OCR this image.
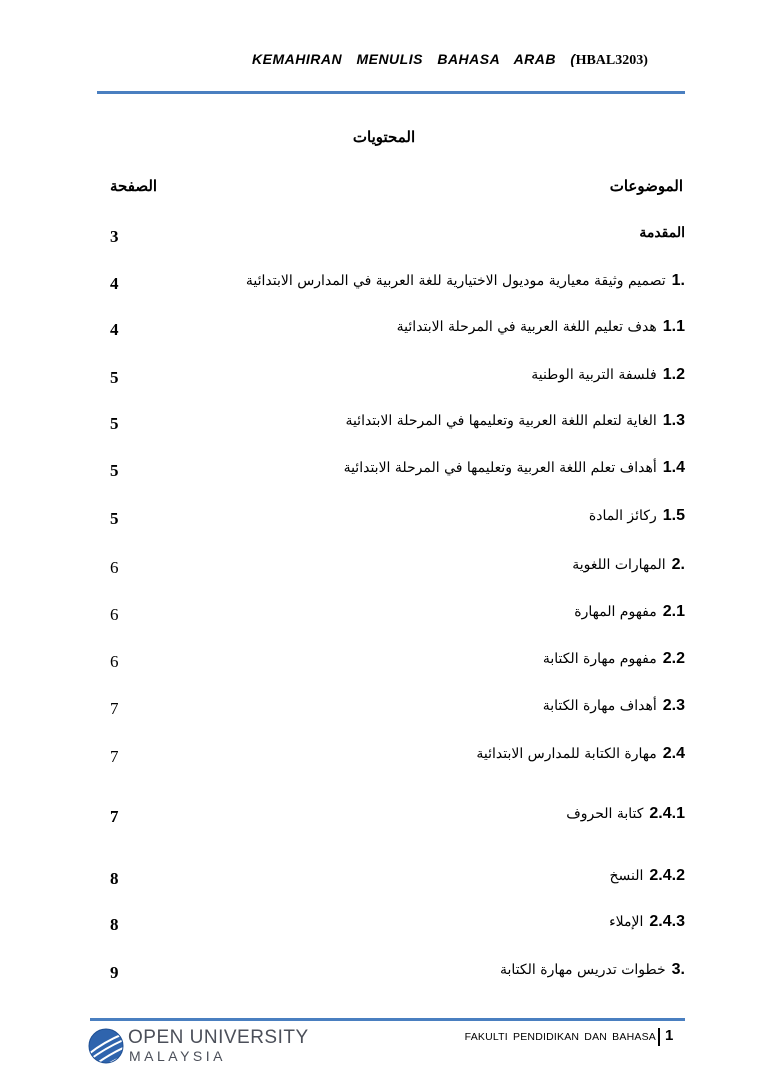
KEMAHIRAN MENULIS BAHASA ARAB (HBAL3203)
المحتويات
الموضوعات
الصفحة
3	المقدمة
4	1.تصميم وثيقة معيارية موديول الاختيارية للغة العربية في المدارس الابتدائية
4	1.1هدف تعليم اللغة العربية في المرحلة الابتدائية
5	1.2فلسفة التربية الوطنية
5	1.3الغاية لتعلم اللغة العربية وتعليمها في المرحلة الابتدائية
5	1.4أهداف تعلم اللغة العربية وتعليمها في المرحلة الابتدائية
5	1.5ركائز المادة
6	2.المهارات اللغوية
6	2.1مفهوم المهارة
6	2.2مفهوم مهارة الكتابة
7	2.3أهداف مهارة الكتابة
7	2.4مهارة الكتابة للمدارس الابتدائية
7	2.4.1كتابة الحروف
8	2.4.2النسخ
8	2.4.3الإملاء
9	3.خطوات تدريس مهارة الكتابة
OPEN UNIVERSITY
MALAYSIA
FAKULTI PENDIDIKAN DAN BAHASA 1
